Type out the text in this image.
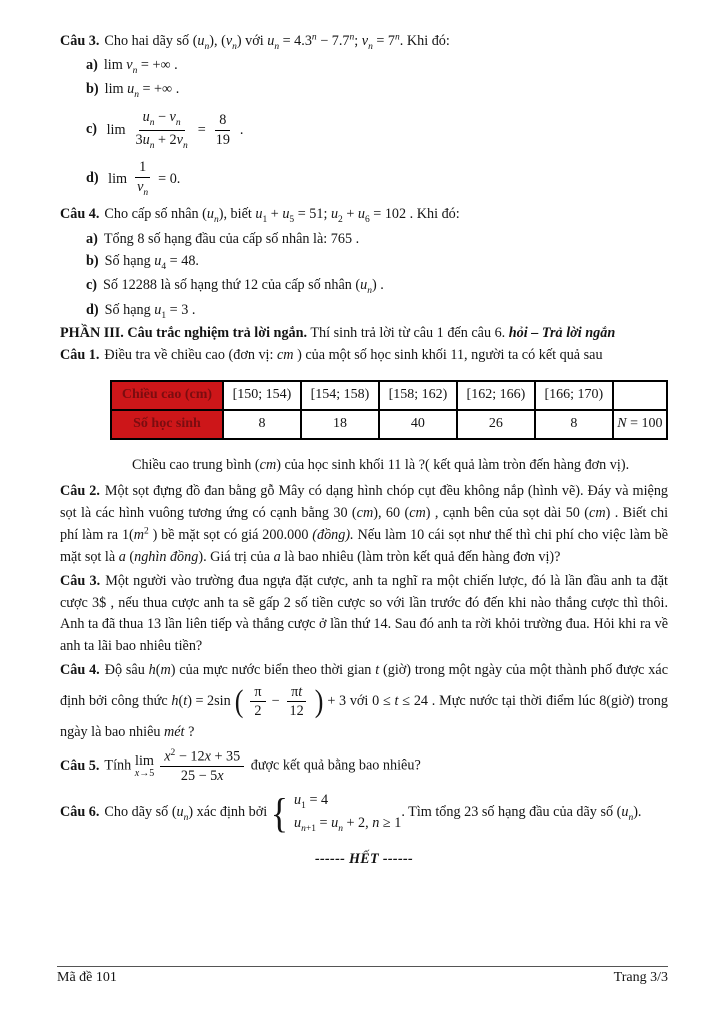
Câu 3. Cho hai dãy số $(u_n)$, $(v_n)$ với $u_n = 4.3^n - 7.7^n$; $v_n = 7^n$. Khi đó:

a) $\lim v_n$ = +∞ .

b) $\lim u_n$ = +∞ .

c) $\lim \frac{u_n - v_n}{3u_n + 2v_n} = \frac{8}{19}$ .

d) $\lim \frac{1}{v_n} = 0$.

Câu 4. Cho cấp số nhân $(u_n)$, biết $u_1 + u_5 = 51$; $u_2 + u_6 = 102$ . Khi đó:

a) Tổng 8 số hạng đầu của cấp số nhân là: 765 .

b) Số hạng $u_4 = 48$.

c) Số 12288 là số hạng thứ 12 của cấp số nhân $(u_n)$ .

d) Số hạng $u_1 = 3$ .

PHẦN III. Câu trắc nghiệm trả lời ngắn. Thí sinh trả lời từ câu 1 đến câu 6. hỏi – Trả lời ngắn

Câu 1. Điều tra về chiều cao (đơn vị: cm ) của một số học sinh khối 11, người ta có kết quả sau

Chiều cao (cm)	[150; 154)	[154; 158)	[158; 162)	[162; 166)	[166; 170)	
Số học sinh	8	18	40	26	8	N = 100

Chiều cao trung bình (cm) của học sinh khối 11 là ?( kết quả làm tròn đến hàng đơn vị).

Câu 2. Một sọt đựng đồ đan bằng gỗ Mây có dạng hình chóp cụt đều không nắp (hình vẽ). Đáy và miệng sọt là các hình vuông tương ứng có cạnh bằng 30 (cm), 60 (cm) , cạnh bên của sọt dài 50 (cm) . Biết chi phí làm ra $1(m^2$ ) bề mặt sọt có giá 200.000 (đồng). Nếu làm 10 cái sọt như thế thì chi phí cho việc làm bề mặt sọt là a (nghìn đồng). Giá trị của a là bao nhiêu (làm tròn kết quả đến hàng đơn vị)?

Câu 3. Một người vào trường đua ngựa đặt cược, anh ta nghĩ ra một chiến lược, đó là lần đầu anh ta đặt cược 3$ , nếu thua cược anh ta sẽ gấp 2 số tiền cược so với lần trước đó đến khi nào thắng cược thì thôi. Anh ta đã thua 13 lần liên tiếp và thắng cược ở lần thứ 14. Sau đó anh ta rời khỏi trường đua. Hỏi khi ra về anh ta lãi bao nhiêu tiền?

Câu 4. Độ sâu h(m) của mực nước biển theo thời gian t (giờ) trong một ngày của một thành phố được xác định bởi công thức h(t) = 2sin ( $\frac{\pi}{2} - \frac{\pi t}{12}$ ) + 3 với 0 ≤ t ≤ 24 . Mực nước tại thời điểm lúc 8(giờ) trong ngày là bao nhiêu mét ?

Câu 5. Tính lim
$x\to 5 \frac{x^2 - 12x + 35}{25 - 5x}$ được kết quả bằng bao nhiêu?

Câu 6. Cho dãy số $(u_n)$ xác định bởi { $u_1 = 4$
$u_{n+1} = u_n + 2$, n ≥ 1
. Tìm tổng 23 số hạng đầu của dãy số $(u_n)$.

------ HẾT ------

Mã đề 101	Trang 3/3
